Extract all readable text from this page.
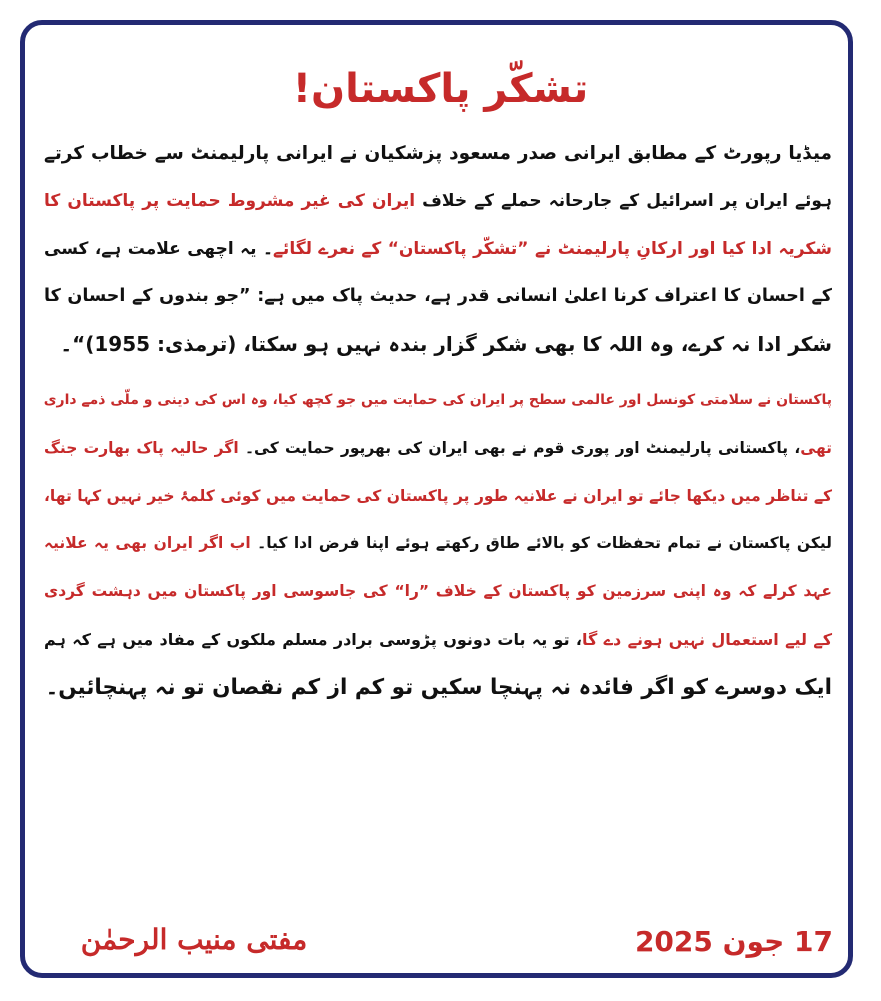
تشکّر پاکستان!
میڈیا رپورٹ کے مطابق ایرانی صدر مسعود پزشکیان نے ایرانی پارلیمنٹ سے خطاب کرتے
ہوئے ایران پر اسرائیل کے جارحانہ حملے کے خلاف ایران کی غیر مشروط حمایت پر پاکستان کا
شکریہ ادا کیا اور ارکانِ پارلیمنٹ نے ”تشکّر پاکستان“ کے نعرے لگائے۔ یہ اچھی علامت ہے، کسی
کے احسان کا اعتراف کرنا اعلیٰ انسانی قدر ہے، حدیث پاک میں ہے: ”جو بندوں کے احسان کا
شکر ادا نہ کرے، وہ اللہ کا بھی شکر گزار بندہ نہیں ہو سکتا، (ترمذی: 1955)“۔
پاکستان نے سلامتی کونسل اور عالمی سطح پر ایران کی حمایت میں جو کچھ کیا، وہ اس کی دینی و ملّی ذمے داری
تھی، پاکستانی پارلیمنٹ اور پوری قوم نے بھی ایران کی بھرپور حمایت کی۔ اگر حالیہ پاک بھارت جنگ
کے تناظر میں دیکھا جائے تو ایران نے علانیہ طور پر پاکستان کی حمایت میں کوئی کلمۂ خیر نہیں کہا تھا،
لیکن پاکستان نے تمام تحفظات کو بالائے طاق رکھتے ہوئے اپنا فرض ادا کیا۔ اب اگر ایران بھی یہ علانیہ
عہد کرلے کہ وہ اپنی سرزمین کو پاکستان کے خلاف ”را“ کی جاسوسی اور پاکستان میں دہشت گردی
کے لیے استعمال نہیں ہونے دے گا، تو یہ بات دونوں پڑوسی برادر مسلم ملکوں کے مفاد میں ہے کہ ہم
ایک دوسرے کو اگر فائدہ نہ پہنچا سکیں تو کم از کم نقصان تو نہ پہنچائیں۔
مفتی منیب الرحمٰن	17 جون 2025
